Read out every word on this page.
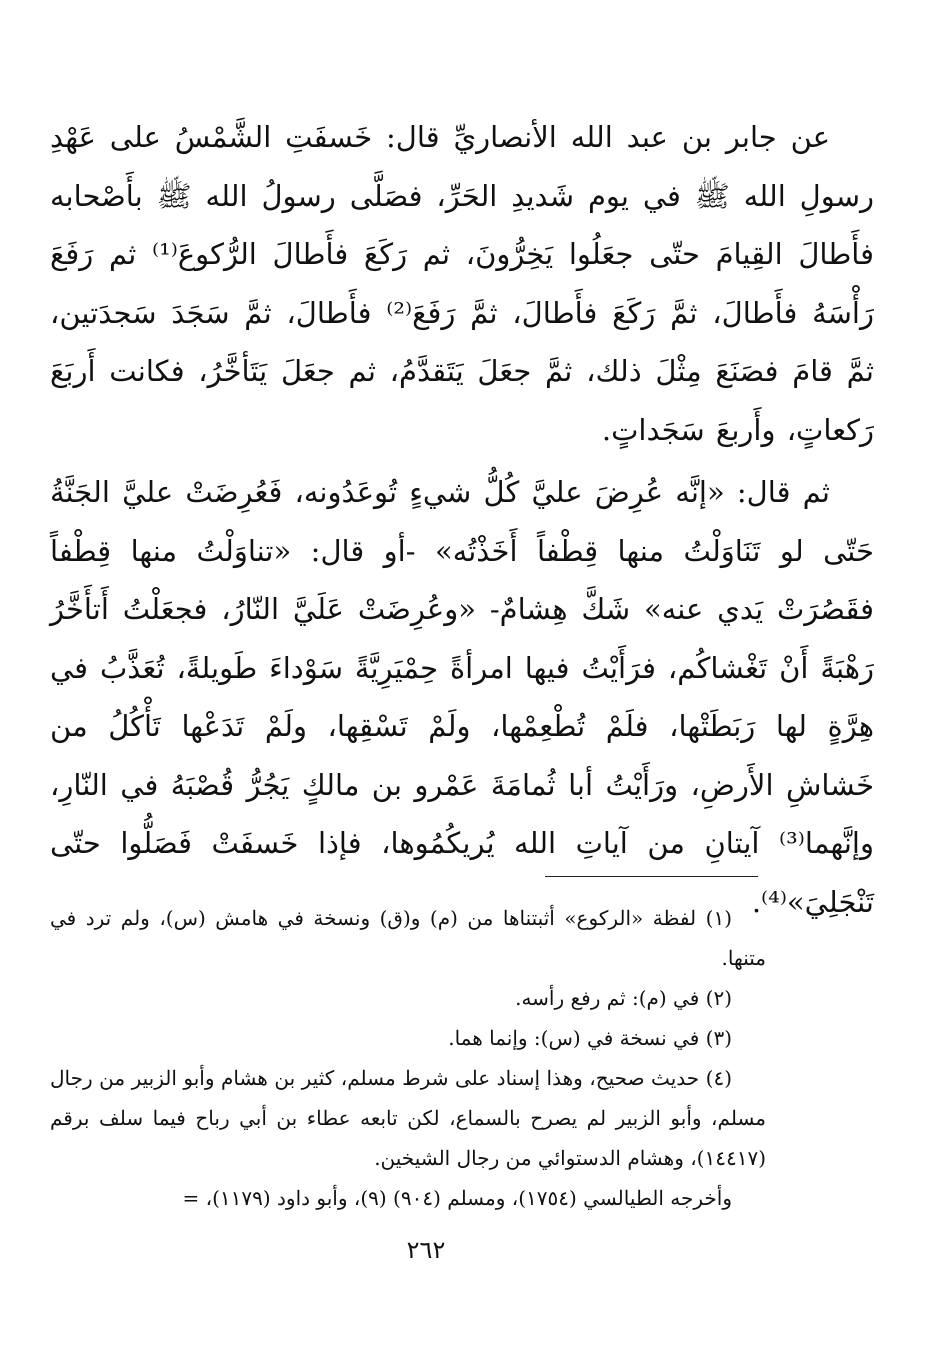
عن جابر بن عبد الله الأنصاريِّ قال: خَسفَتِ الشَّمْسُ على عَهْدِ رسولِ الله ﷺ في يوم شَديدِ الحَرِّ، فصَلَّى رسولُ الله ﷺ بأَصْحابه فأَطالَ القِيامَ حتّى جعَلُوا يَخِرُّونَ، ثم رَكَعَ فأَطالَ الرُّكوعَ⁽¹⁾ ثم رَفَعَ رَأْسَهُ فأَطالَ، ثمَّ رَكَعَ فأَطالَ، ثمَّ رَفَعَ⁽²⁾ فأَطالَ، ثمَّ سَجَدَ سَجدَتين، ثمَّ قامَ فصَنَعَ مِثْلَ ذلك، ثمَّ جعَلَ يَتَقدَّمُ، ثم جعَلَ يَتَأخَّرُ، فكانت أَربَعَ رَكعاتٍ، وأَربعَ سَجَداتٍ.

ثم قال: «إنَّه عُرِضَ عليَّ كُلُّ شيءٍ تُوعَدُونه، فَعُرِضَتْ عليَّ الجَنَّةُ حَتّى لو تَنَاوَلْتُ منها قِطْفاً أَخَذْتُه» -أو قال: «تناوَلْتُ منها قِطْفاً فقَصُرَتْ يَدي عنه» شَكَّ هِشامٌ- «وعُرِضَتْ عَلَيَّ النّارُ، فجعَلْتُ أَتأَخَّرُ رَهْبَةً أَنْ تَغْشاكُم، فرَأَيْتُ فيها امرأةً حِمْيَرِيَّةً سَوْداءَ طَويلةً، تُعَذَّبُ في هِرَّةٍ لها رَبَطَتْها، فلَمْ تُطْعِمْها، ولَمْ تَسْقِها، ولَمْ تَدَعْها تَأْكُلُ من خَشاشِ الأَرضِ، ورَأَيْتُ أبا ثُمامَةَ عَمْرو بن مالكٍ يَجُرُّ قُصْبَهُ في النّارِ، وإنَّهما⁽³⁾ آيتانِ من آياتِ الله يُريكُمُوها، فإذا خَسفَتْ فَصَلُّوا حتّى تَنْجَلِيَ»⁽⁴⁾.

(١) لفظة «الركوع» أثبتناها من (م) و(ق) ونسخة في هامش (س)، ولم ترد في متنها.

(٢) في (م): ثم رفع رأسه.

(٣) في نسخة في (س): وإنما هما.

(٤) حديث صحيح، وهذا إسناد على شرط مسلم، كثير بن هشام وأبو الزبير من رجال مسلم، وأبو الزبير لم يصرح بالسماع، لكن تابعه عطاء بن أبي رباح فيما سلف برقم (١٤٤١٧)، وهشام الدستوائي من رجال الشيخين.

وأخرجه الطيالسي (١٧٥٤)، ومسلم (٩٠٤) (٩)، وأبو داود (١١٧٩)، =

٢٦٢
